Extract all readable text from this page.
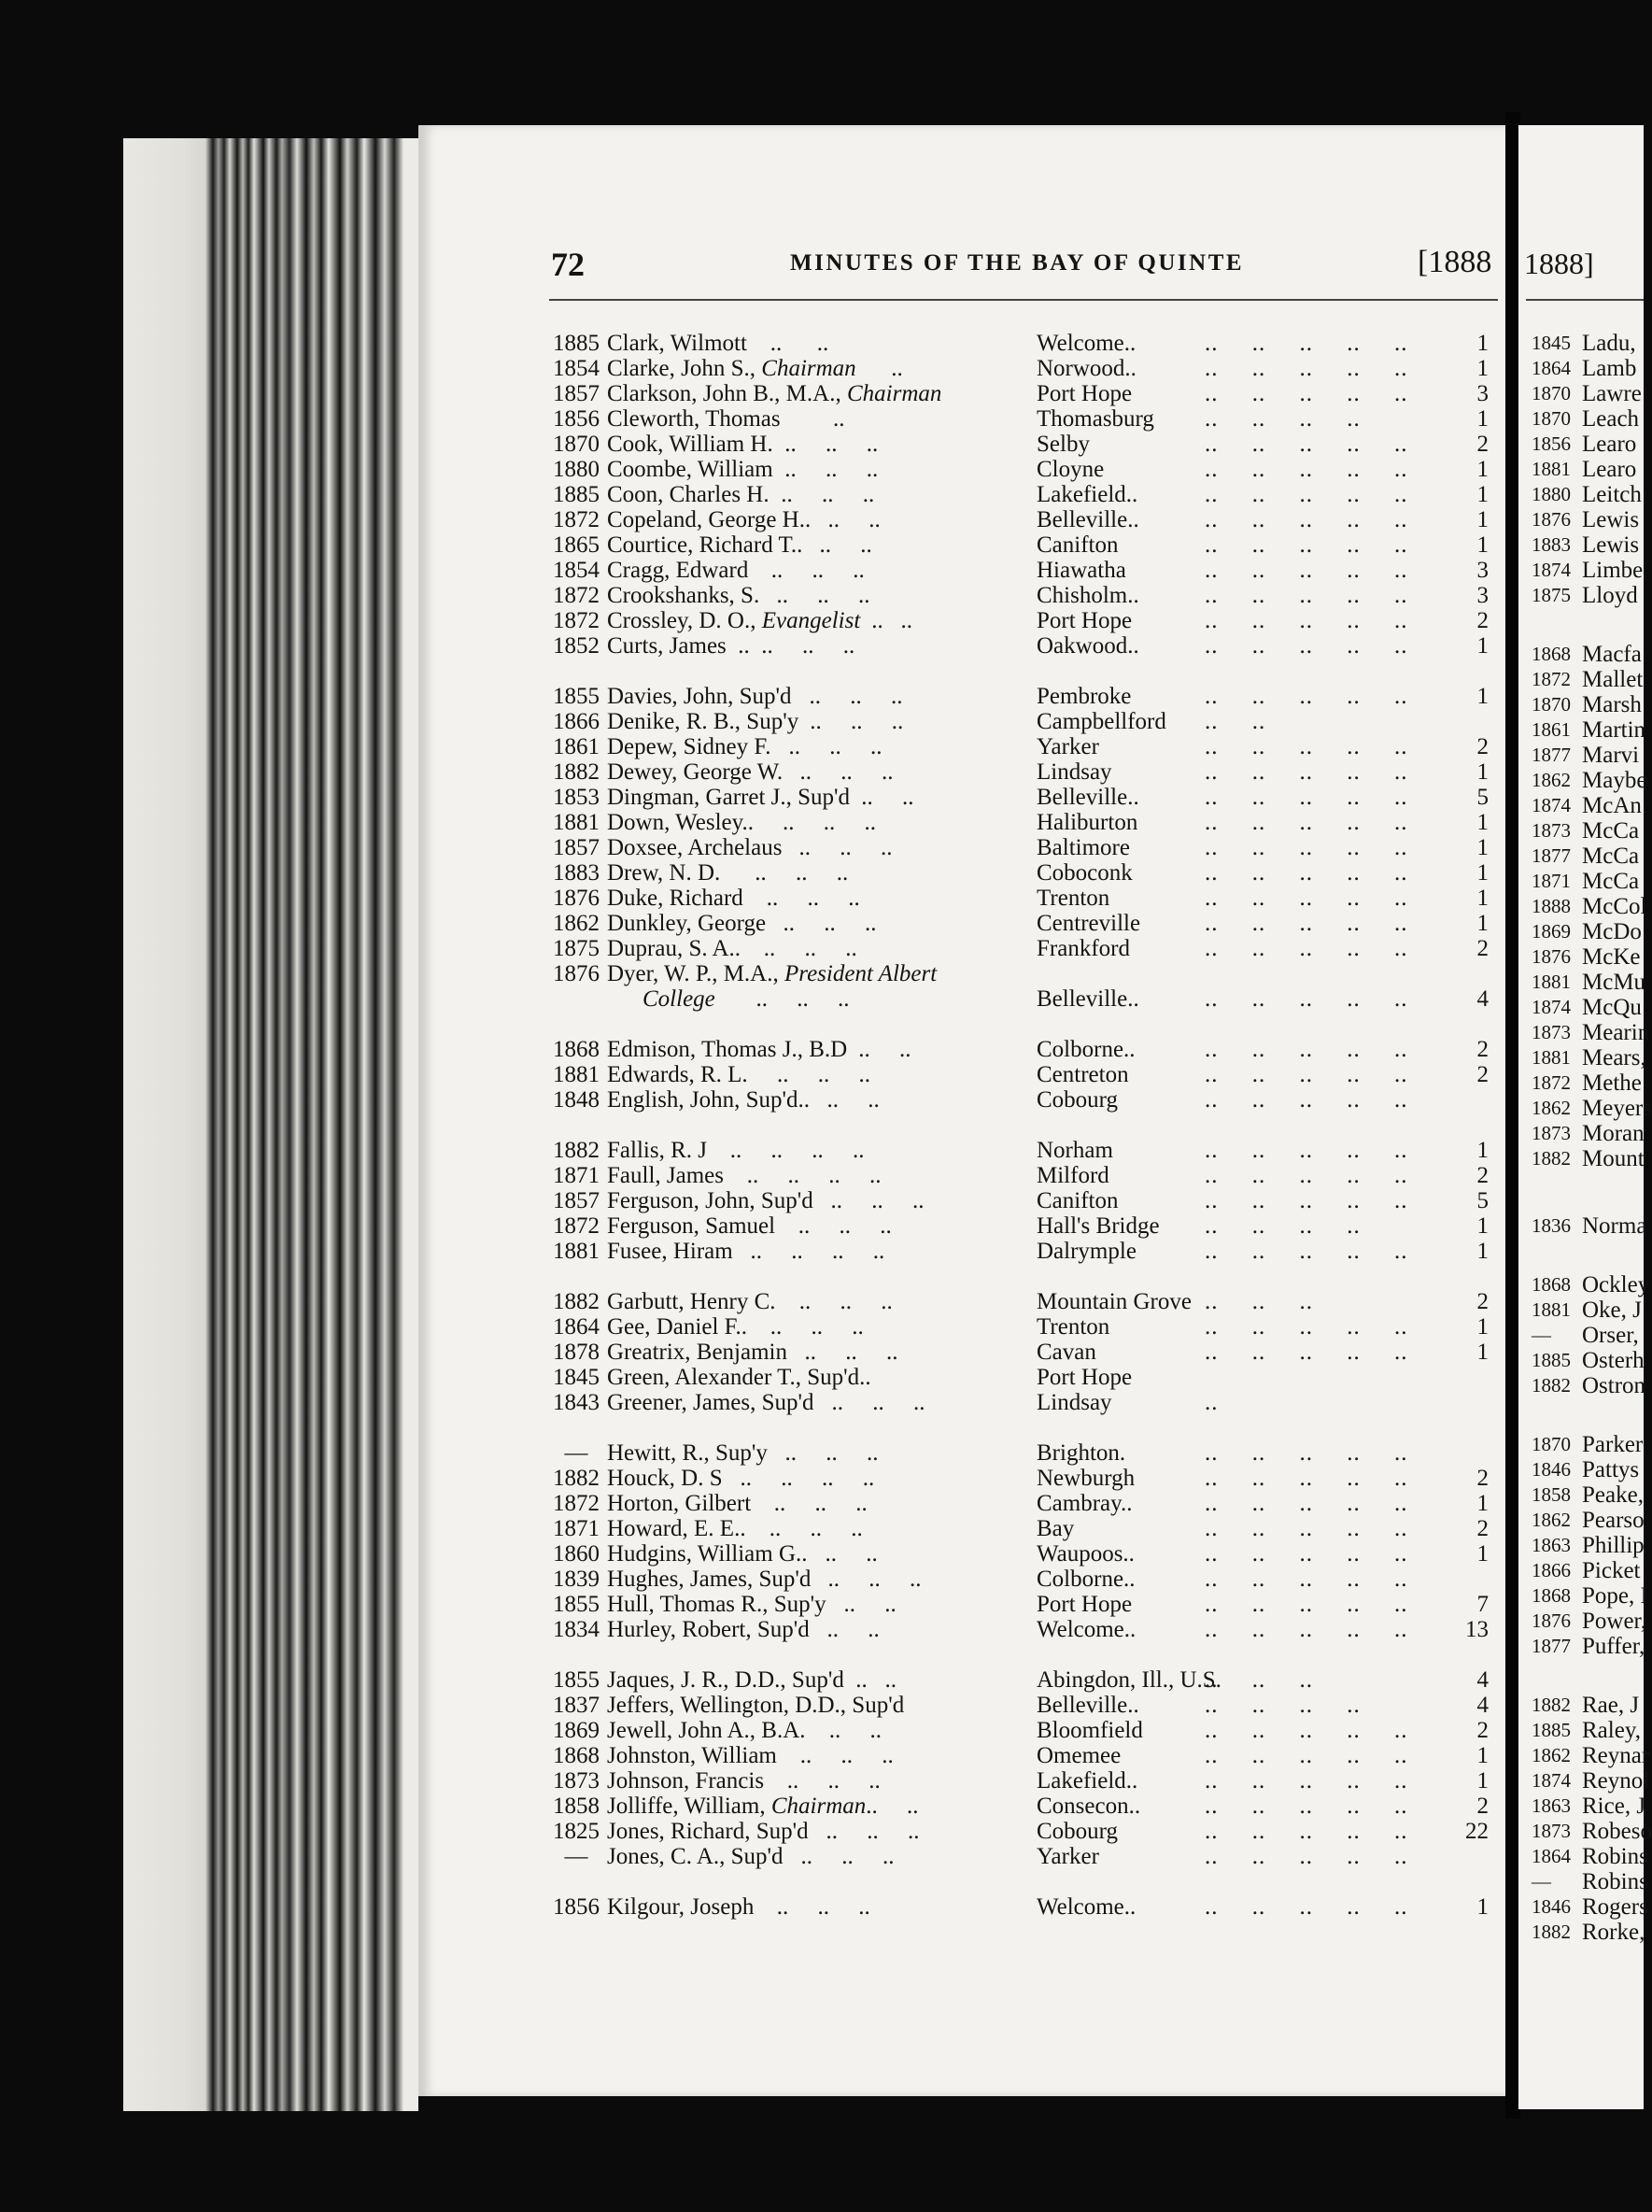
72	MINUTES OF THE BAY OF QUINTE	[1888 1888]
1885 Clark, Wilmott ..      ..	Welcome..	..     ..     ..     ..     ..	1
1854 Clarke, John S., Chairman ..	Norwood..	..     ..     ..     ..     ..	1
1857 Clarkson, John B., M.A., Chairman	Port Hope	..     ..     ..     ..     ..	3
1856 Cleworth, Thomas ..	Thomasburg ..     ..     ..     ..	1
1870 Cook, William H. ..     ..     ..	Selby	..     ..     ..     ..     ..	2
1880 Coombe, William ..     ..     ..	Cloyne	..     ..     ..     ..     ..	1
1885 Coon, Charles H. ..     ..     ..	Lakefield..	..     ..     ..     ..     ..	1
1872 Copeland, George H.. ..     ..	Belleville..	..     ..     ..     ..     ..	1
1865 Courtice, Richard T.. ..     ..	Canifton	..     ..     ..     ..     ..	1
1854 Cragg, Edward ..     ..     ..	Hiawatha	..     ..     ..     ..     ..	3
1872 Crookshanks, S. ..     ..     ..	Chisholm..	..     ..     ..     ..     ..	3
1872 Crossley, D. O., Evangelist ..   ..	Port Hope	..     ..     ..     ..     ..	2
1852 Curts, James ..  ..     ..     ..	Oakwood..	..     ..     ..     ..     ..	1
1855 Davies, John, Sup'd ..     ..     ..	Pembroke	..     ..     ..     ..     ..	1
1866 Denike, R. B., Sup'y ..     ..     ..	Campbellford ..     ..
1861 Depew, Sidney F. ..     ..     ..	Yarker	..     ..     ..     ..     ..	2
1882 Dewey, George W. ..     ..     ..	Lindsay	..     ..     ..     ..     ..	1
1853 Dingman, Garret J., Sup'd ..     ..	Belleville..	..     ..     ..     ..     ..	5
1881 Down, Wesley.. ..     ..     ..	Haliburton	..     ..     ..     ..     ..	1
1857 Doxsee, Archelaus ..     ..     ..	Baltimore	..     ..     ..     ..     ..	1
1883 Drew, N. D. ..     ..     ..	Coboconk	..     ..     ..     ..     ..	1
1876 Duke, Richard ..     ..     ..	Trenton	..     ..     ..     ..     ..	1
1862 Dunkley, George ..     ..     ..	Centreville	..     ..     ..     ..     ..	1
1875 Duprau, S. A.. ..     ..     ..	Frankford	..     ..     ..     ..     ..	2
1876 Dyer, W. P., M.A., President Albert
College ..     ..     ..	Belleville..	..     ..     ..     ..     ..	4
1868 Edmison, Thomas J., B.D ..     ..	Colborne..	..     ..     ..     ..     ..	2
1881 Edwards, R. L. ..     ..     ..	Centreton	..     ..     ..     ..     ..	2
1848 English, John, Sup'd.. ..     ..	Cobourg	..     ..     ..     ..     ..
1882 Fallis, R. J ..     ..     ..     ..	Norham	..     ..     ..     ..     ..	1
1871 Faull, James ..     ..     ..     ..	Milford	..     ..     ..     ..     ..	2
1857 Ferguson, John, Sup'd ..     ..     ..	Canifton	..     ..     ..     ..     ..	5
1872 Ferguson, Samuel ..     ..     ..	Hall's Bridge ..     ..     ..     ..	1
1881 Fusee, Hiram ..     ..     ..     ..	Dalrymple	..     ..     ..     ..     ..	1
1882 Garbutt, Henry C. ..     ..     ..	Mountain Grove ..     ..     ..	2
1864 Gee, Daniel F.. ..     ..     ..	Trenton	..     ..     ..     ..     ..	1
1878 Greatrix, Benjamin ..     ..     ..	Cavan	..     ..     ..     ..     ..	1
1845 Green, Alexander T., Sup'd..	Port Hope
1843 Greener, James, Sup'd ..     ..     ..	Lindsay	..
— Hewitt, R., Sup'y ..     ..     ..	Brighton.	..     ..     ..     ..     ..
1882 Houck, D. S ..     ..     ..     ..	Newburgh	..     ..     ..     ..     ..	2
1872 Horton, Gilbert ..     ..     ..	Cambray..	..     ..     ..     ..     ..	1
1871 Howard, E. E.. ..     ..     ..	Bay	..     ..     ..     ..     ..	2
1860 Hudgins, William G.. ..     ..	Waupoos..	..     ..     ..     ..     ..	1
1839 Hughes, James, Sup'd ..     ..     ..	Colborne..	..     ..     ..     ..     ..
1855 Hull, Thomas R., Sup'y ..     ..	Port Hope	..     ..     ..     ..     ..	7
1834 Hurley, Robert, Sup'd ..     ..	Welcome..	..     ..     ..     ..     ..	13
1855 Jaques, J. R., D.D., Sup'd ..   ..	Abingdon, Ill., U.S.
..     ..     ..	4
1837 Jeffers, Wellington, D.D., Sup'd	Belleville..	..     ..     ..     ..	4
1869 Jewell, John A., B.A. ..     ..	Bloomfield	..     ..     ..     ..     ..	2
1868 Johnston, William ..     ..     ..	Omemee	..     ..     ..     ..     ..	1
1873 Johnson, Francis ..     ..     ..	Lakefield..	..     ..     ..     ..     ..	1
1858 Jolliffe, William, Chairman.. ..	Consecon..	..     ..     ..     ..     ..	2
1825 Jones, Richard, Sup'd ..     ..     ..	Cobourg	..     ..     ..     ..     ..	22
— Jones, C. A., Sup'd ..     ..     ..	Yarker	..     ..     ..     ..     ..
1856 Kilgour, Joseph ..     ..     ..	Welcome..	..     ..     ..     ..     ..	1
1845 Ladu,
1864 Lamb
1870 Lawre
1870 Leach
1856 Learo
1881 Learo
1880 Leitch
1876 Lewis
1883 Lewis
1874 Limbe
1875 Lloyd
1868 Macfa
1872 Mallet
1870 Marsh
1861 Martin
1877 Marvi
1862 Maybe
1874 McAn
1873 McCa
1877 McCa
1871 McCa
1888 McCol
1869 McDo
1876 McKe
1881 McMu
1874 McQu
1873 Mearin
1881 Mears,
1872 Methe
1862 Meyers
1873 Moran
1882 Mount
1836 Norma
1868 Ockley
1881 Oke, J
— Orser,
1885 Osterh
1882 Ostron
1870 Parker
1846 Pattys
1858 Peake,
1862 Pearso
1863 Phillip
1866 Picket
1868 Pope, I
1876 Power,
1877 Puffer,
1882 Rae, J
1885 Raley,
1862 Reynar
1874 Reynol
1863 Rice, J
1873 Robeso
1864 Robins
— Robins
1846 Rogers
1882 Rorke,
